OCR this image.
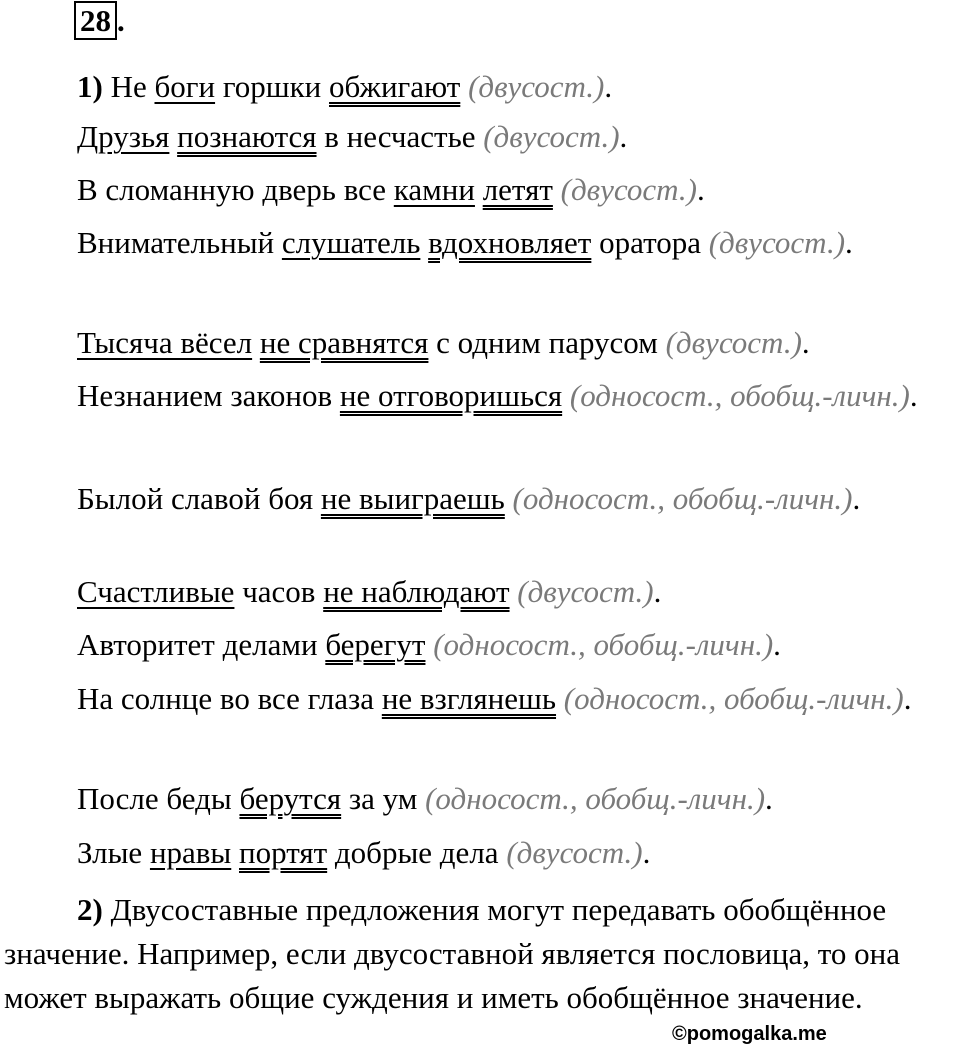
28 .
1) Не боги горшки обжигают (двусост.).
Друзья познаются в несчастье (двусост.).
В сломанную дверь все камни летят (двусост.).
Внимательный слушатель вдохновляет оратора (двусост.).
Тысяча вёсел не сравнятся с одним парусом (двусост.).
Незнанием законов не отговоришься (односост., обобщ.-личн.).
Былой славой боя не выиграешь (односост., обобщ.-личн.).
Счастливые часов не наблюдают (двусост.).
Авторитет делами берегут (односост., обобщ.-личн.).
На солнце во все глаза не взглянешь (односост., обобщ.-личн.).
После беды берутся за ум (односост., обобщ.-личн.).
Злые нравы портят добрые дела (двусост.).
2) Двусоставные предложения могут передавать обобщённое значение. Например, если двусоставной является пословица, то она может выражать общие суждения и иметь обобщённое значение.
©pomogalka.me
